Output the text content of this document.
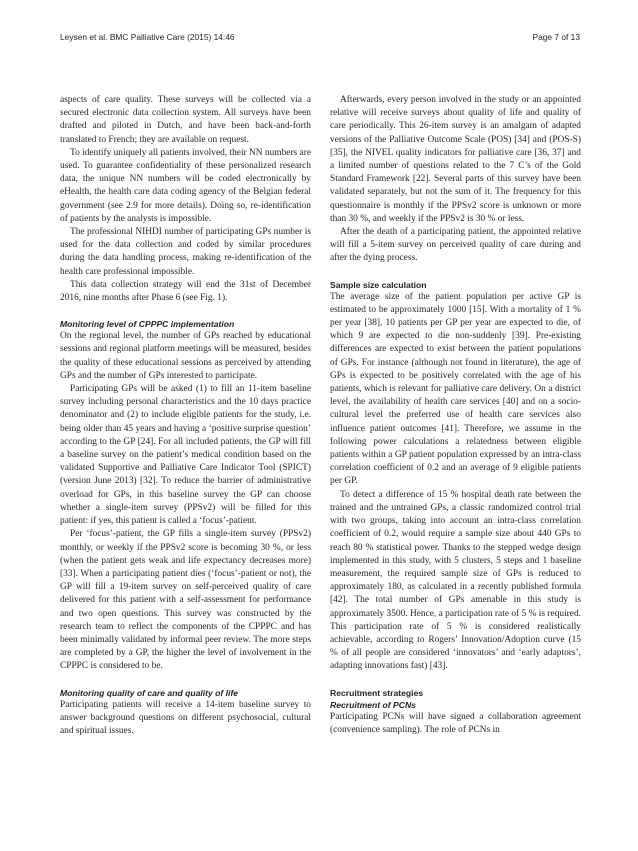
Leysen et al. BMC Palliative Care (2015) 14:46	Page 7 of 13

aspects of care quality. These surveys will be collected via a secured electronic data collection system. All surveys have been drafted and piloted in Dutch, and have been back-and-forth translated to French; they are available on request.

To identify uniquely all patients involved, their NN numbers are used. To guarantee confidentiality of these personalized research data, the unique NN numbers will be coded electronically by eHealth, the health care data coding agency of the Belgian federal government (see 2.9 for more details). Doing so, re-identification of patients by the analysts is impossible.

The professional NIHDI number of participating GPs number is used for the data collection and coded by similar procedures during the data handling process, making re-identification of the health care professional impossible.

This data collection strategy will end the 31st of December 2016, nine months after Phase 6 (see Fig. 1).

Monitoring level of CPPPC implementation

On the regional level, the number of GPs reached by educational sessions and regional platform meetings will be measured, besides the quality of these educational sessions as perceived by attending GPs and the number of GPs interested to participate.

Participating GPs will be asked (1) to fill an 11-item baseline survey including personal characteristics and the 10 days practice denominator and (2) to include eligible patients for the study, i.e. being older than 45 years and having a ‘positive surprise question’ according to the GP [24]. For all included patients, the GP will fill a baseline survey on the patient’s medical condition based on the validated Supportive and Palliative Care Indicator Tool (SPICT)(version June 2013) [32]. To reduce the barrier of administrative overload for GPs, in this baseline survey the GP can choose whether a single-item survey (PPSv2) will be filled for this patient: if yes, this patient is called a ‘focus’-patient.

Per ‘focus’-patient, the GP fills a single-item survey (PPSv2) monthly, or weekly if the PPSv2 score is becoming 30 %, or less (when the patient gets weak and life expectancy decreases more) [33]. When a participating patient dies (‘focus’-patient or not), the GP will fill a 19-item survey on self-perceived quality of care delivered for this patient with a self-assessment for performance and two open questions. This survey was constructed by the research team to reflect the components of the CPPPC and has been minimally validated by informal peer review. The more steps are completed by a GP, the higher the level of involvement in the CPPPC is considered to be.

Monitoring quality of care and quality of life

Participating patients will receive a 14-item baseline survey to answer background questions on different psychosocial, cultural and spiritual issues.

Afterwards, every person involved in the study or an appointed relative will receive surveys about quality of life and quality of care periodically. This 26-item survey is an amalgam of adapted versions of the Palliative Outcome Scale (POS) [34] and (POS-S) [35], the NIVEL quality indicators for palliative care [36, 37] and a limited number of questions related to the 7 C’s of the Gold Standard Framework [22]. Several parts of this survey have been validated separately, but not the sum of it. The frequency for this questionnaire is monthly if the PPSv2 score is unknown or more than 30 %, and weekly if the PPSv2 is 30 % or less.

After the death of a participating patient, the appointed relative will fill a 5-item survey on perceived quality of care during and after the dying process.

Sample size calculation

The average size of the patient population per active GP is estimated to be approximately 1000 [15]. With a mortality of 1 % per year [38], 10 patients per GP per year are expected to die, of which 9 are expected to die non-suddenly [39]. Pre-existing differences are expected to exist between the patient populations of GPs. For instance (although not found in literature), the age of GPs is expected to be positively correlated with the age of his patients, which is relevant for palliative care delivery. On a district level, the availability of health care services [40] and on a socio-cultural level the preferred use of health care services also influence patient outcomes [41]. Therefore, we assume in the following power calculations a relatedness between eligible patients within a GP patient population expressed by an intra-class correlation coefficient of 0.2 and an average of 9 eligible patients per GP.

To detect a difference of 15 % hospital death rate between the trained and the untrained GPs, a classic randomized control trial with two groups, taking into account an intra-class correlation coefficient of 0.2, would require a sample size about 440 GPs to reach 80 % statistical power. Thanks to the stepped wedge design implemented in this study, with 5 clusters, 5 steps and 1 baseline measurement, the required sample size of GPs is reduced to approximately 180, as calculated in a recently published formula [42]. The total number of GPs amenable in this study is approximately 3500. Hence, a participation rate of 5 % is required. This participation rate of 5 % is considered realistically achievable, according to Rogers’ Innovation/Adoption curve (15 % of all people are considered ‘innovators’ and ‘early adaptors’, adapting innovations fast) [43].

Recruitment strategies
Recruitment of PCNs

Participating PCNs will have signed a collaboration agreement (convenience sampling). The role of PCNs in
